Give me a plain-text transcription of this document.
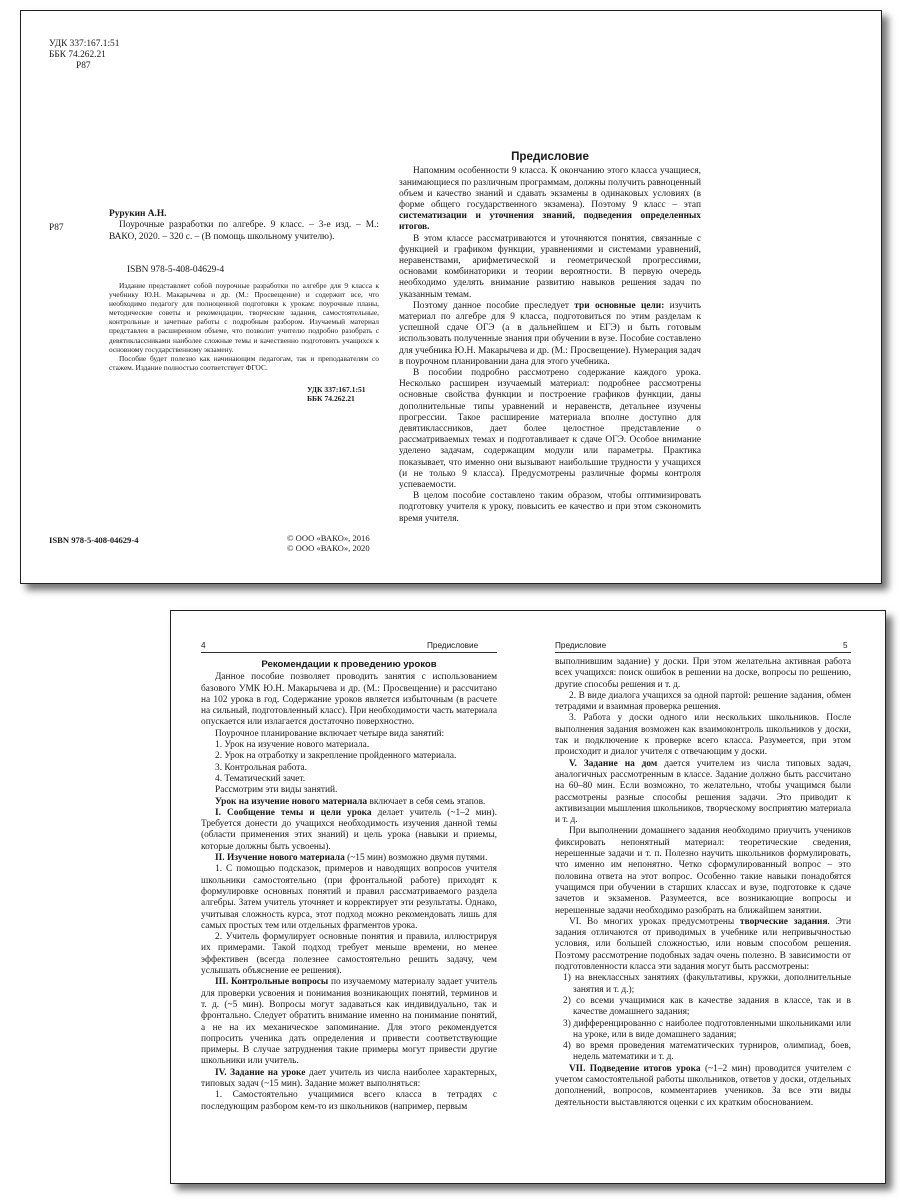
УДК 337:167.1:51
ББК 74.262.21
Р87
Р87
Рурукин А.Н.
Поурочные разработки по алгебре. 9 класс. – 3-е изд. – М.: ВАКО, 2020. – 320 с. – (В помощь школьному учителю).
ISBN 978-5-408-04629-4

Издание представляет собой поурочные разработки по алгебре для 9 класса к учебнику Ю.Н. Макарычева и др. (М.: Просвещение) и содержит все, что необходимо педагогу для полноценной подготовки к урокам: поурочные планы, методические советы и рекомендации, творческие задания, самостоятельные, контрольные и зачетные работы с подробным разбором. Изучаемый материал представлен в расширенном объеме, что позволит учителю подробно разобрать с девятиклассниками наиболее сложные темы и качественно подготовить учащихся к основному государственному экзамену.

Пособие будет полезно как начинающим педагогам, так и преподавателям со стажем. Издание полностью соответствует ФГОС.

УДК 337:167.1:51
ББК 74.262.21
ISBN 978-5-408-04629-4	© ООО «ВАКО», 2016
© ООО «ВАКО», 2020
Предисловие

Напомним особенности 9 класса. К окончанию этого класса учащиеся, занимающиеся по различным программам, должны получить равноценный объем и качество знаний и сдавать экзамены в одинаковых условиях (в форме общего государственного экзамена). Поэтому 9 класс – этап систематизации и уточнения знаний, подведения определенных итогов.

В этом классе рассматриваются и уточняются понятия, связанные с функцией и графиком функции, уравнениями и системами уравнений, неравенствами, арифметической и геометрической прогрессиями, основами комбинаторики и теории вероятности. В первую очередь необходимо уделять внимание развитию навыков решения задач по указанным темам.

Поэтому данное пособие преследует три основные цели: изучить материал по алгебре для 9 класса, подготовиться по этим разделам к успешной сдаче ОГЭ (а в дальнейшем и ЕГЭ) и быть готовым использовать полученные знания при обучении в вузе. Пособие составлено для учебника Ю.Н. Макарычева и др. (М.: Просвещение). Нумерация задач в поурочном планировании дана для этого учебника.

В пособии подробно рассмотрено содержание каждого урока. Несколько расширен изучаемый материал: подробнее рассмотрены основные свойства функции и построение графиков функции, даны дополнительные типы уравнений и неравенств, детальнее изучены прогрессии. Такое расширение материала вполне доступно для девятиклассников, дает более целостное представление о рассматриваемых темах и подготавливает к сдаче ОГЭ. Особое внимание уделено задачам, содержащим модули или параметры. Практика показывает, что именно они вызывают наибольшие трудности у учащихся (и не только 9 класса). Предусмотрены различные формы контроля успеваемости.

В целом пособие составлено таким образом, чтобы оптимизировать подготовку учителя к уроку, повысить ее качество и при этом сэкономить время учителя.

4	Предисловие	Предисловие	5
Рекомендации к проведению уроков

Данное пособие позволяет проводить занятия с использованием базового УМК Ю.Н. Макарычева и др. (М.: Просвещение) и рассчитано на 102 урока в год. Содержание уроков является избыточным (в расчете на сильный, подготовленный класс). При необходимости часть материала опускается или излагается достаточно поверхностно.

Поурочное планирование включает четыре вида занятий:

1. Урок на изучение нового материала.

2. Урок на отработку и закрепление пройденного материала.

3. Контрольная работа.

4. Тематический зачет.

Рассмотрим эти виды занятий.

Урок на изучение нового материала включает в себя семь этапов.

I. Сообщение темы и цели урока делает учитель (~1–2 мин). Требуется донести до учащихся необходимость изучения данной темы (области применения этих знаний) и цель урока (навыки и приемы, которые должны быть усвоены).

II. Изучение нового материала (~15 мин) возможно двумя путями.

1. С помощью подсказок, примеров и наводящих вопросов учителя школьники самостоятельно (при фронтальной работе) приходят к формулировке основных понятий и правил рассматриваемого раздела алгебры. Затем учитель уточняет и корректирует эти результаты. Однако, учитывая сложность курса, этот подход можно рекомендовать лишь для самых простых тем или отдельных фрагментов урока.

2. Учитель формулирует основные понятия и правила, иллюстрируя их примерами. Такой подход требует меньше времени, но менее эффективен (всегда полезнее самостоятельно решить задачу, чем услышать объяснение ее решения).

III. Контрольные вопросы по изучаемому материалу задает учитель для проверки усвоения и понимания возникающих понятий, терминов и т. д. (~5 мин). Вопросы могут задаваться как индивидуально, так и фронтально. Следует обратить внимание именно на понимание понятий, а не на их механическое запоминание. Для этого рекомендуется попросить ученика дать определения и привести соответствующие примеры. В случае затруднения такие примеры могут привести другие школьники или учитель.

IV. Задание на уроке дает учитель из числа наиболее характерных, типовых задач (~15 мин). Задание может выполняться:

1. Самостоятельно учащимися всего класса в тетрадях с последующим разбором кем-то из школьников (например, первым

выполнившим задание) у доски. При этом желательна активная работа всех учащихся: поиск ошибок в решении на доске, вопросы по решению, другие способы решения и т. д.

2. В виде диалога учащихся за одной партой: решение задания, обмен тетрадями и взаимная проверка решения.

3. Работа у доски одного или нескольких школьников. После выполнения задания возможен как взаимоконтроль школьников у доски, так и подключение к проверке всего класса. Разумеется, при этом происходит и диалог учителя с отвечающим у доски.

V. Задание на дом дается учителем из числа типовых задач, аналогичных рассмотренным в классе. Задание должно быть рассчитано на 60–80 мин. Если возможно, то желательно, чтобы учащимся были рассмотрены разные способы решения задачи. Это приводит к активизации мышления школьников, творческому восприятию материала и т. д.

При выполнении домашнего задания необходимо приучить учеников фиксировать непонятный материал: теоретические сведения, нерешенные задачи и т. п. Полезно научить школьников формулировать, что именно им непонятно. Четко сформулированный вопрос – это половина ответа на этот вопрос. Особенно такие навыки понадобятся учащимся при обучении в старших классах и вузе, подготовке к сдаче зачетов и экзаменов. Разумеется, все возникающие вопросы и нерешенные задачи необходимо разобрать на ближайшем занятии.

VI. Во многих уроках предусмотрены творческие задания. Эти задания отличаются от приводимых в учебнике или непривычностью условия, или большей сложностью, или новым способом решения. Поэтому рассмотрение подобных задач очень полезно. В зависимости от подготовленности класса эти задания могут быть рассмотрены:

1) на внеклассных занятиях (факультативы, кружки, дополнительные занятия и т. д.);

2) со всеми учащимися как в качестве задания в классе, так и в качестве домашнего задания;

3) дифференцированно с наиболее подготовленными школьниками или на уроке, или в виде домашнего задания;

4) во время проведения математических турниров, олимпиад, боев, недель математики и т. д.

VII. Подведение итогов урока (~1–2 мин) проводится учителем с учетом самостоятельной работы школьников, ответов у доски, отдельных дополнений, вопросов, комментариев учеников. За все эти виды деятельности выставляются оценки с их кратким обоснованием.
